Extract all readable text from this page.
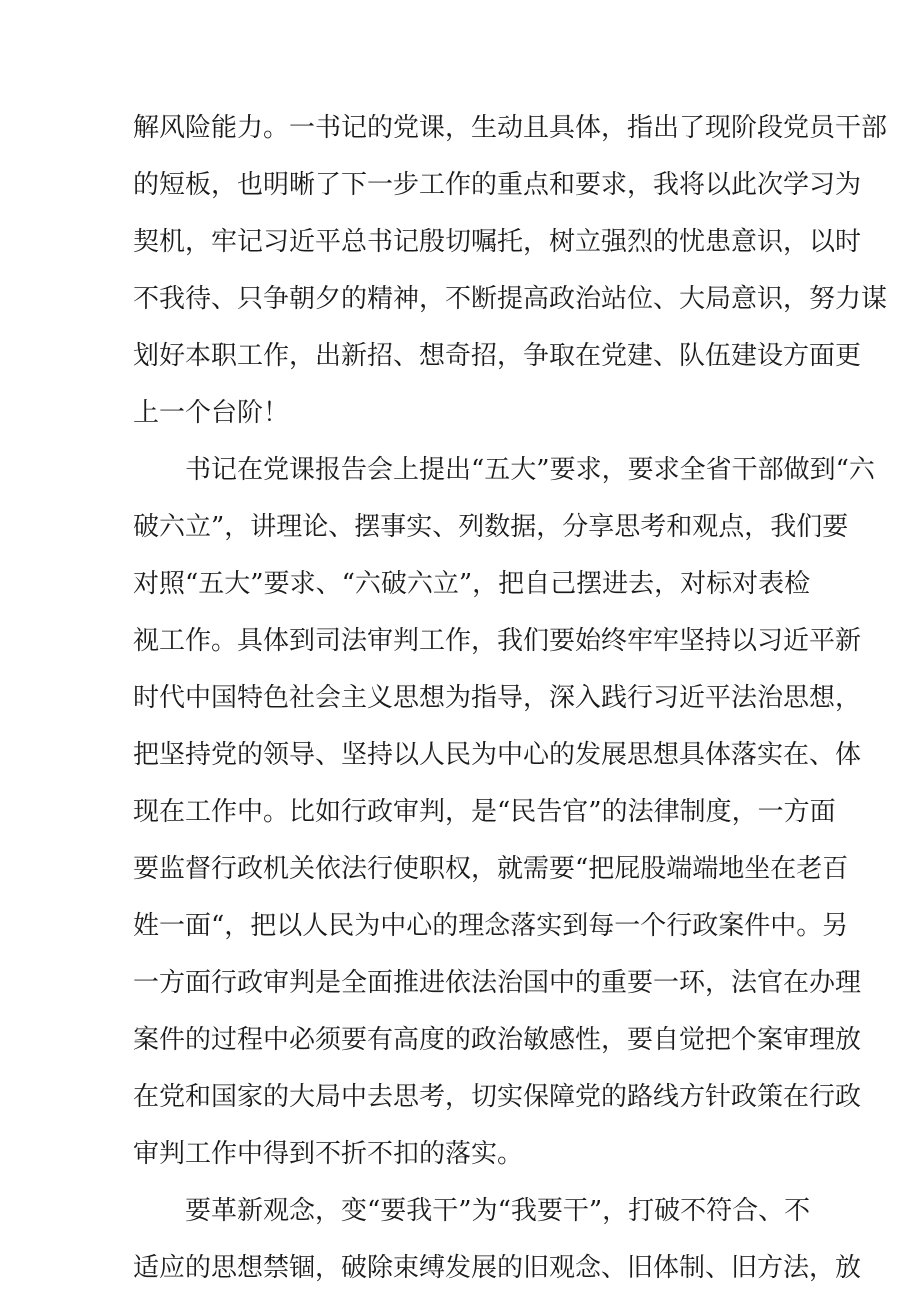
解风险能力。一书记的党课，生动且具体，指出了现阶段党员干部
的短板，也明晰了下一步工作的重点和要求，我将以此次学习为
契机，牢记习近平总书记殷切嘱托，树立强烈的忧患意识，以时
不我待、只争朝夕的精神，不断提高政治站位、大局意识，努力谋
划好本职工作，出新招、想奇招，争取在党建、队伍建设方面更
上一个台阶！
书记在党课报告会上提出“五大”要求，要求全省干部做到“六
破六立”，讲理论、摆事实、列数据，分享思考和观点，我们要
对照“五大”要求、“六破六立”，把自己摆进去，对标对表检
视工作。具体到司法审判工作，我们要始终牢牢坚持以习近平新
时代中国特色社会主义思想为指导，深入践行习近平法治思想，
把坚持党的领导、坚持以人民为中心的发展思想具体落实在、体
现在工作中。比如行政审判，是“民告官”的法律制度，一方面
要监督行政机关依法行使职权，就需要“把屁股端端地坐在老百
姓一面“，把以人民为中心的理念落实到每一个行政案件中。另
一方面行政审判是全面推进依法治国中的重要一环，法官在办理
案件的过程中必须要有高度的政治敏感性，要自觉把个案审理放
在党和国家的大局中去思考，切实保障党的路线方针政策在行政
审判工作中得到不折不扣的落实。
要革新观念，变“要我干”为“我要干”，打破不符合、不
适应的思想禁锢，破除束缚发展的旧观念、旧体制、旧方法，放
